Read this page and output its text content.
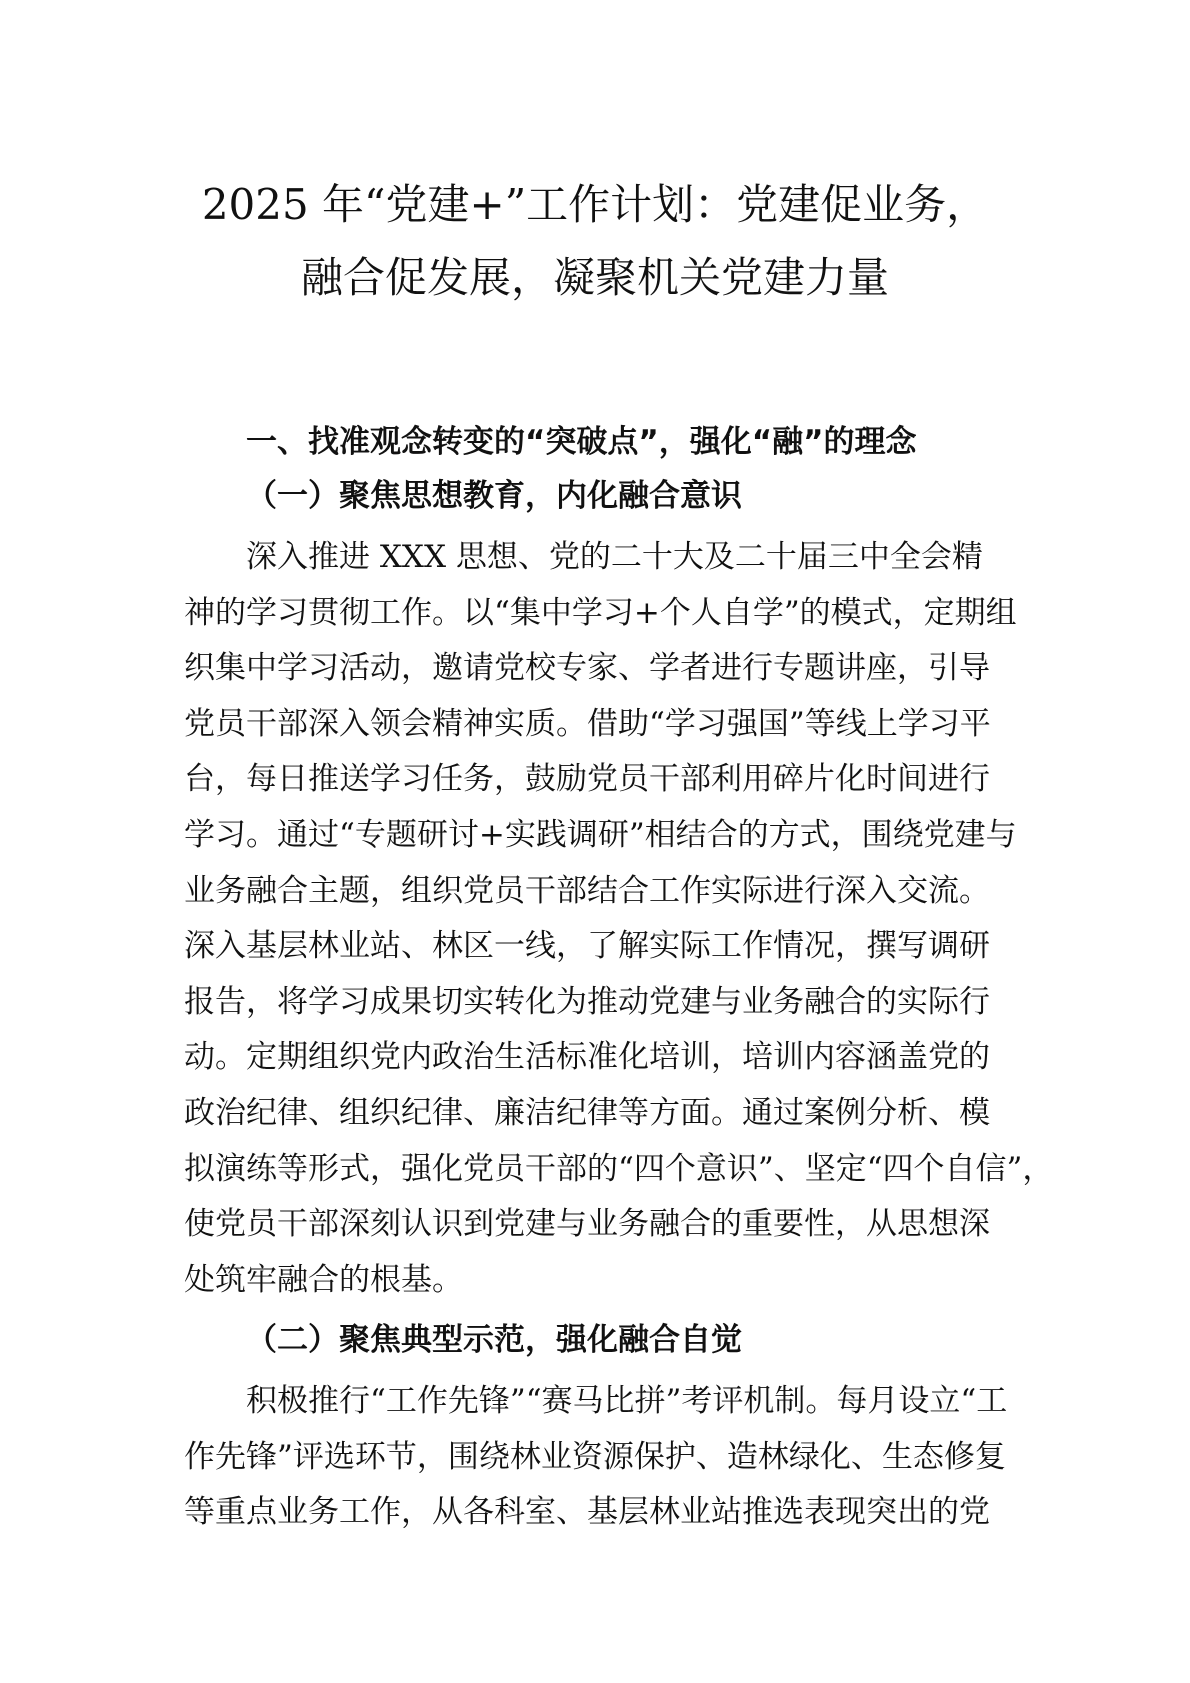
2025 年“党建+”工作计划：党建促业务，
融合促发展，凝聚机关党建力量
一、找准观念转变的“突破点”，强化“融”的理念
（一）聚焦思想教育，内化融合意识
深入推进 XXX 思想、党的二十大及二十届三中全会精
神的学习贯彻工作。以“集中学习+个人自学”的模式，定期组
织集中学习活动，邀请党校专家、学者进行专题讲座，引导
党员干部深入领会精神实质。借助“学习强国”等线上学习平
台，每日推送学习任务，鼓励党员干部利用碎片化时间进行
学习。通过“专题研讨+实践调研”相结合的方式，围绕党建与
业务融合主题，组织党员干部结合工作实际进行深入交流。
深入基层林业站、林区一线，了解实际工作情况，撰写调研
报告，将学习成果切实转化为推动党建与业务融合的实际行
动。定期组织党内政治生活标准化培训，培训内容涵盖党的
政治纪律、组织纪律、廉洁纪律等方面。通过案例分析、模
拟演练等形式，强化党员干部的“四个意识”、坚定“四个自信”，
使党员干部深刻认识到党建与业务融合的重要性，从思想深
处筑牢融合的根基。
（二）聚焦典型示范，强化融合自觉
积极推行“工作先锋”“赛马比拼”考评机制。每月设立“工
作先锋”评选环节，围绕林业资源保护、造林绿化、生态修复
等重点业务工作，从各科室、基层林业站推选表现突出的党
